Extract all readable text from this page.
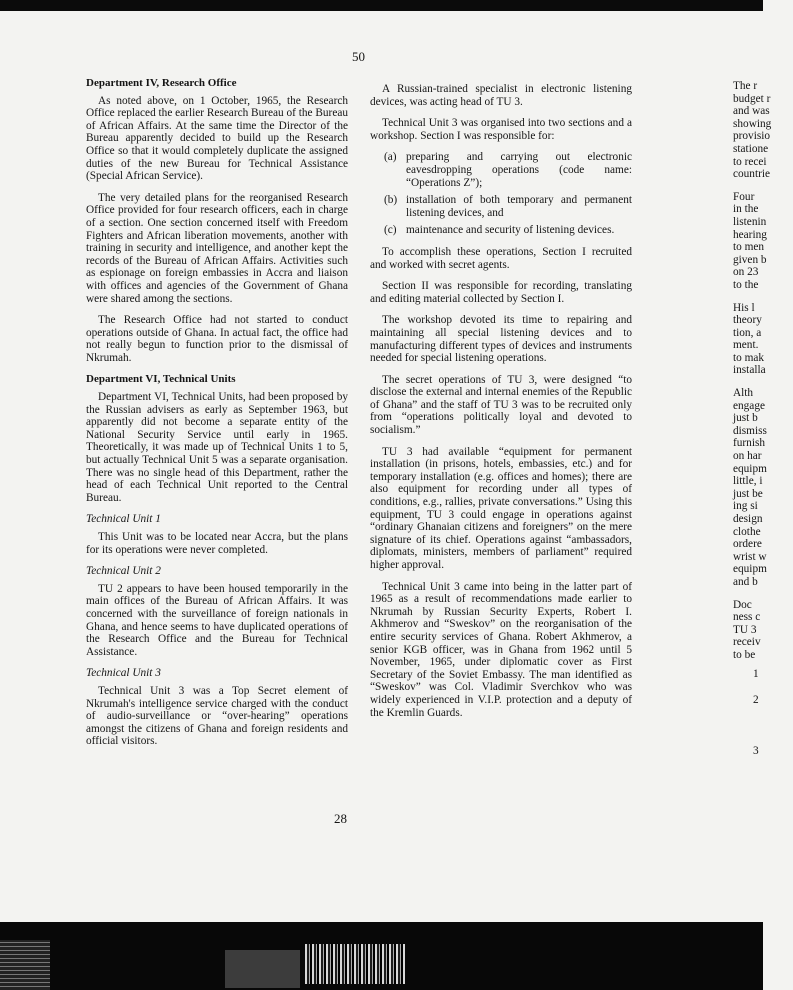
50
Department IV, Research Office

As noted above, on 1 October, 1965, the Research Office replaced the earlier Research Bureau of the Bureau of African Affairs. At the same time the Director of the Bureau apparently decided to build up the Research Office so that it would completely duplicate the assigned duties of the new Bureau for Technical Assistance (Special African Service).

The very detailed plans for the reorganised Research Office provided for four research officers, each in charge of a section. One section concerned itself with Freedom Fighters and African liberation movements, another with training in security and intelligence, and another kept the records of the Bureau of African Affairs. Activities such as espionage on foreign embassies in Accra and liaison with offices and agencies of the Government of Ghana were shared among the sections.

The Research Office had not started to conduct operations outside of Ghana. In actual fact, the office had not really begun to function prior to the dismissal of Nkrumah.

Department VI, Technical Units

Department VI, Technical Units, had been proposed by the Russian advisers as early as September 1963, but apparently did not become a separate entity of the National Security Service until early in 1965. Theoretically, it was made up of Technical Units 1 to 5, but actually Technical Unit 5 was a separate organisation. There was no single head of this Department, rather the head of each Technical Unit reported to the Central Bureau.

Technical Unit 1

This Unit was to be located near Accra, but the plans for its operations were never completed.

Technical Unit 2

TU 2 appears to have been housed temporarily in the main offices of the Bureau of African Affairs. It was concerned with the surveillance of foreign nationals in Ghana, and hence seems to have duplicated operations of the Research Office and the Bureau for Technical Assistance.

Technical Unit 3

Technical Unit 3 was a Top Secret element of Nkrumah's intelligence service charged with the conduct of audio-surveillance or “over-hearing” operations amongst the citizens of Ghana and foreign residents and official visitors.

A Russian-trained specialist in electronic listening devices, was acting head of TU 3.

Technical Unit 3 was organised into two sections and a workshop. Section I was responsible for:

(a) preparing and carrying out electronic eavesdropping operations (code name: “Operations Z”);
(b) installation of both temporary and permanent listening devices, and
(c) maintenance and security of listening devices.

To accomplish these operations, Section I recruited and worked with secret agents.

Section II was responsible for recording, translating and editing material collected by Section I.

The workshop devoted its time to repairing and maintaining all special listening devices and to manufacturing different types of devices and instruments needed for special listening operations.

The secret operations of TU 3, were designed “to disclose the external and internal enemies of the Republic of Ghana” and the staff of TU 3 was to be recruited only from “operations politically loyal and devoted to socialism.”

TU 3 had available “equipment for permanent installation (in prisons, hotels, embassies, etc.) and for temporary installation (e.g. offices and homes); there are also equipment for recording under all types of conditions, e.g., rallies, private conversations.” Using this equipment, TU 3 could engage in operations against “ordinary Ghanaian citizens and foreigners” on the mere signature of its chief. Operations against “ambassadors, diplomats, ministers, members of parliament” required higher approval.

Technical Unit 3 came into being in the latter part of 1965 as a result of recommendations made earlier to Nkrumah by Russian Security Experts, Robert I. Akhmerov and “Sweskov” on the reorganisation of the entire security services of Ghana. Robert Akhmerov, a senior KGB officer, was in Ghana from 1962 until 5 November, 1965, under diplomatic cover as First Secretary of the Soviet Embassy. The man identified as “Sweskov” was Col. Vladimir Sverchkov who was widely experienced in V.I.P. protection and a deputy of the Kremlin Guards.

The r
budget r
and was
showing
provisio
statione
to recei
countrie
Four
in the
listenin
hearing
to men
given b
on 23
to the
His l
theory
tion, a
ment.
to mak
installa
Alth
engage
just b
dismiss
furnish
on har
equipm
little, i
just be
ing si
design
clothe
ordere
wrist w
equipm
and b
Doc
ness c
TU 3
receiv
to be
1
2
3
28
